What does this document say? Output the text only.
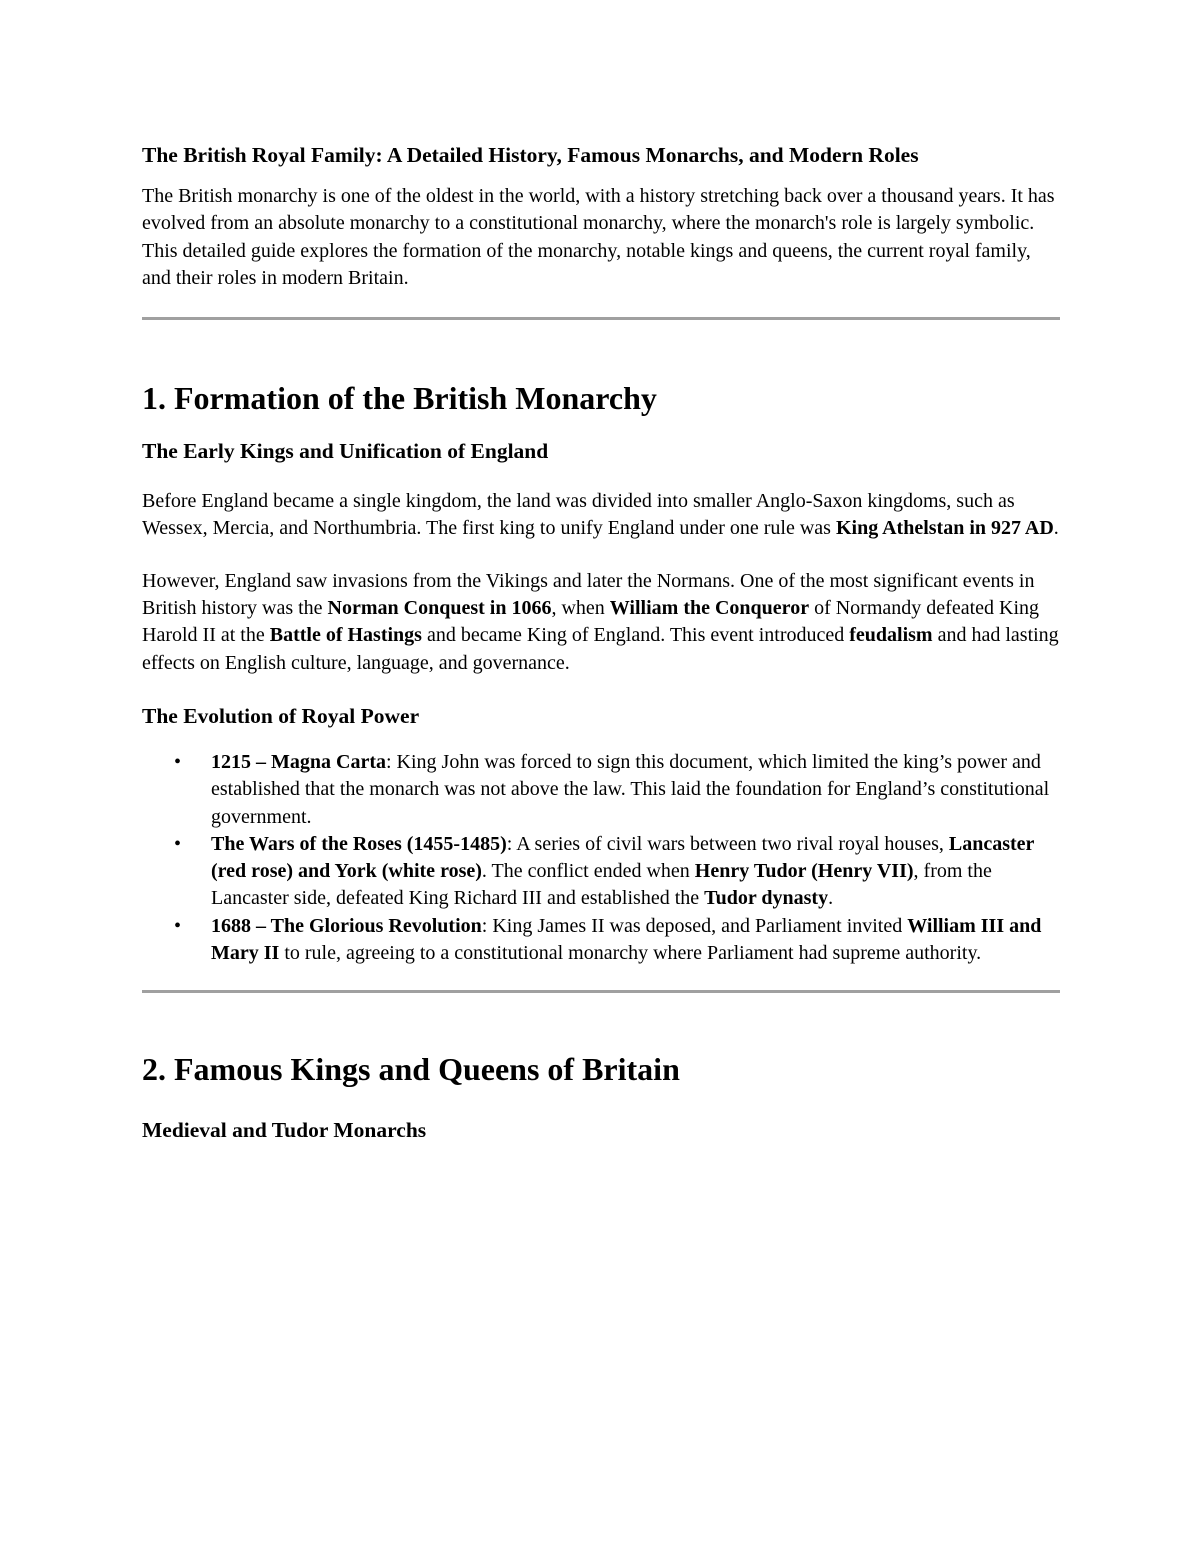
The British Royal Family: A Detailed History, Famous Monarchs, and Modern Roles

The British monarchy is one of the oldest in the world, with a history stretching back over a thousand years. It has evolved from an absolute monarchy to a constitutional monarchy, where the monarch's role is largely symbolic. This detailed guide explores the formation of the monarchy, notable kings and queens, the current royal family, and their roles in modern Britain.

1. Formation of the British Monarchy
The Early Kings and Unification of England

Before England became a single kingdom, the land was divided into smaller Anglo-Saxon kingdoms, such as Wessex, Mercia, and Northumbria. The first king to unify England under one rule was King Athelstan in 927 AD.

However, England saw invasions from the Vikings and later the Normans. One of the most significant events in British history was the Norman Conquest in 1066, when William the Conqueror of Normandy defeated King Harold II at the Battle of Hastings and became King of England. This event introduced feudalism and had lasting effects on English culture, language, and governance.

The Evolution of Royal Power
• 1215 – Magna Carta: King John was forced to sign this document, which limited the king’s power and established that the monarch was not above the law. This laid the foundation for England’s constitutional government.
• The Wars of the Roses (1455-1485): A series of civil wars between two rival royal houses, Lancaster (red rose) and York (white rose). The conflict ended when Henry Tudor (Henry VII), from the Lancaster side, defeated King Richard III and established the Tudor dynasty.
• 1688 – The Glorious Revolution: King James II was deposed, and Parliament invited William III and Mary II to rule, agreeing to a constitutional monarchy where Parliament had supreme authority.
2. Famous Kings and Queens of Britain
Medieval and Tudor Monarchs
